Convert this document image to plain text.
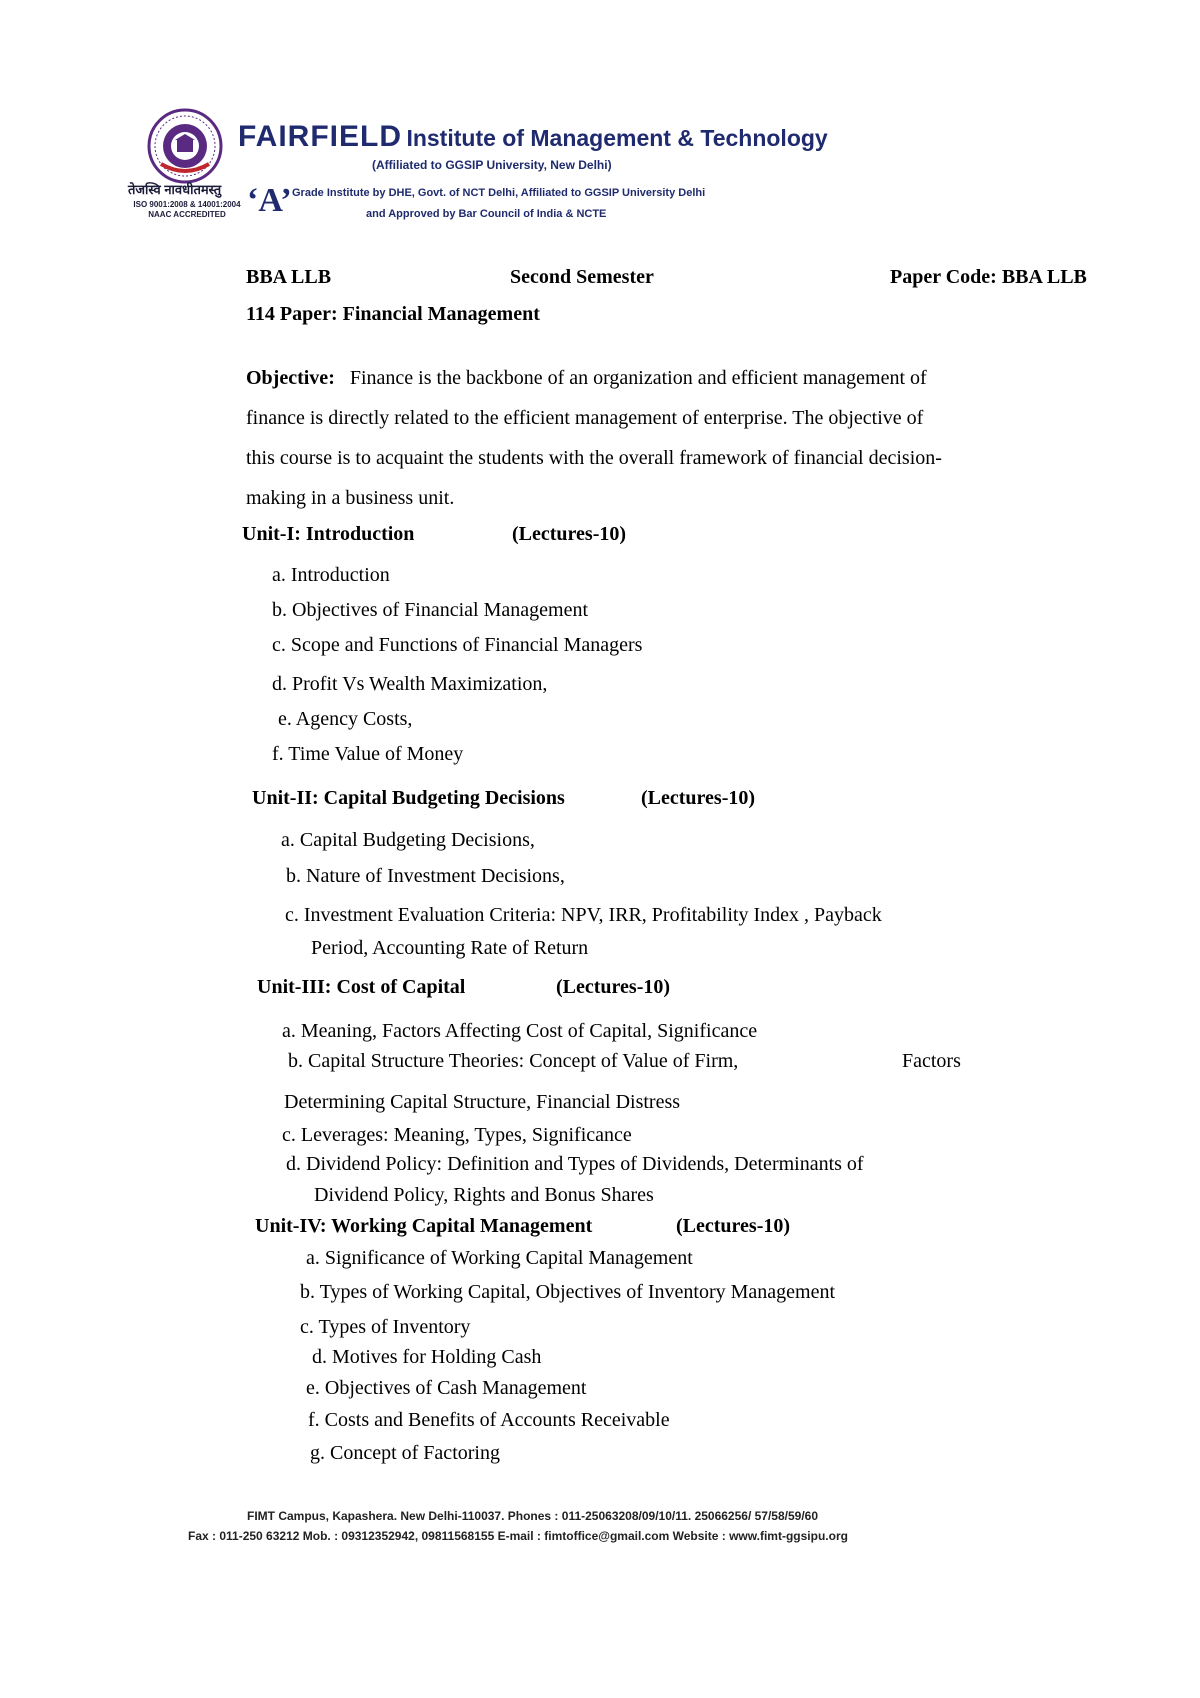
तेजस्वि नावधीतमस्तु
ISO 9001:2008 & 14001:2004
NAAC ACCREDITED
FAIRFIELD Institute of Management & Technology
(Affiliated to GGSIP University, New Delhi)
‘A’ Grade Institute by DHE, Govt. of NCT Delhi, Affiliated to GGSIP University Delhi
and Approved by Bar Council of India & NCTE
BBA LLB	Second Semester	Paper Code: BBA LLB
114 Paper: Financial Management
Objective: Finance is the backbone of an organization and efficient management of
finance is directly related to the efficient management of enterprise. The objective of
this course is to acquaint the students with the overall framework of financial decision-
making in a business unit.
Unit-I: Introduction	(Lectures-10)
a. Introduction
b. Objectives of Financial Management
c. Scope and Functions of Financial Managers
d. Profit Vs Wealth Maximization,
e. Agency Costs,
f. Time Value of Money
Unit-II: Capital Budgeting Decisions	(Lectures-10)
a. Capital Budgeting Decisions,
b. Nature of Investment Decisions,
c. Investment Evaluation Criteria: NPV, IRR, Profitability Index , Payback
Period, Accounting Rate of Return
Unit-III: Cost of Capital	(Lectures-10)
a. Meaning, Factors Affecting Cost of Capital, Significance
b. Capital Structure Theories: Concept of Value of Firm,	Factors
Determining Capital Structure, Financial Distress
c. Leverages: Meaning, Types, Significance
d. Dividend Policy: Definition and Types of Dividends, Determinants of
Dividend Policy, Rights and Bonus Shares
Unit-IV: Working Capital Management	(Lectures-10)
a. Significance of Working Capital Management
b. Types of Working Capital, Objectives of Inventory Management
c. Types of Inventory
d. Motives for Holding Cash
e. Objectives of Cash Management
f. Costs and Benefits of Accounts Receivable
g. Concept of Factoring
FIMT Campus, Kapashera. New Delhi-110037. Phones : 011-25063208/09/10/11. 25066256/ 57/58/59/60
Fax : 011-250 63212 Mob. : 09312352942, 09811568155 E-mail : fimtoffice@gmail.com Website : www.fimt-ggsipu.org
